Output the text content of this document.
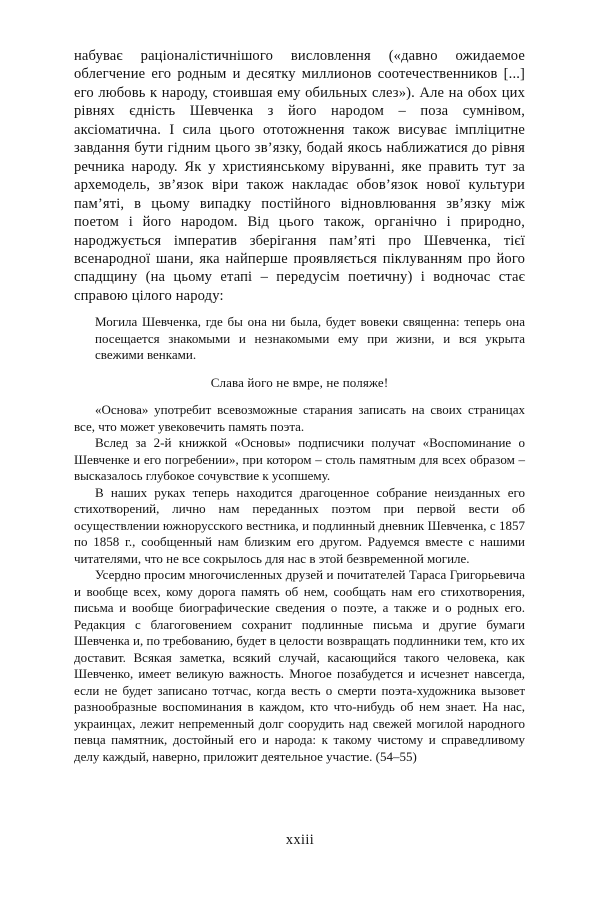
набуває раціоналістичнішого висловлення («давно ожидаемое облегчение его родным и десятку миллионов соотечественников [...] его любовь к народу, стоившая ему обильных слез»). Але на обох цих рівнях єдність Шевченка з його народом – поза сумнівом, аксіоматична. І сила цього ототожнення також висуває імпліцитне завдання бути гідним цього зв’язку, бодай якось наближатися до рівня речника народу. Як у християнському віруванні, яке править тут за архемодель, зв’язок віри також накладає обов’язок нової культури пам’яті, в цьому випадку постійного відновлювання зв’язку між поетом і його народом. Від цього також, органічно і природно, народжується імператив зберігання пам’яті про Шевченка, тієї всенародної шани, яка найперше проявляється піклуванням про його спадщину (на цьому етапі – передусім поетичну) і водночас стає справою цілого народу:

Могила Шевченка, где бы она ни была, будет вовеки священна: теперь она посещается знакомыми и незнакомыми ему при жизни, и вся укрыта свежими венками.

Слава його не вмре, не поляже!

«Основа» употребит всевозможные старания записать на своих страницах все, что может увековечить память поэта.

Вслед за 2-й книжкой «Основы» подписчики получат «Воспоминание о Шевченке и его погребении», при котором – столь памятным для всех образом – высказалось глубокое сочувствие к усопшему.

В наших руках теперь находится драгоценное собрание неизданных его стихотворений, лично нам переданных поэтом при первой вести об осуществлении южнорусского вестника, и подлинный дневник Шевченка, с 1857 по 1858 г., сообщенный нам близким его другом. Радуемся вместе с нашими читателями, что не все сокрылось для нас в этой безвременной могиле.

Усердно просим многочисленных друзей и почитателей Тараса Григорьевича и вообще всех, кому дорога память об нем, сообщать нам его стихотворения, письма и вообще биографические сведения о поэте, а также и о родных его. Редакция с благоговением сохранит подлинные письма и другие бумаги Шевченка и, по требованию, будет в целости возвращать подлинники тем, кто их доставит. Всякая заметка, всякий случай, касающийся такого человека, как Шевченко, имеет великую важность. Многое позабудется и исчезнет навсегда, если не будет записано тотчас, когда весть о смерти поэта-художника вызовет разнообразные воспоминания в каждом, кто что-нибудь об нем знает. На нас, украинцах, лежит непременный долг соорудить над свежей могилой народного певца памятник, достойный его и народа: к такому чистому и справедливому делу каждый, наверно, приложит деятельное участие. (54–55)

xxiii
